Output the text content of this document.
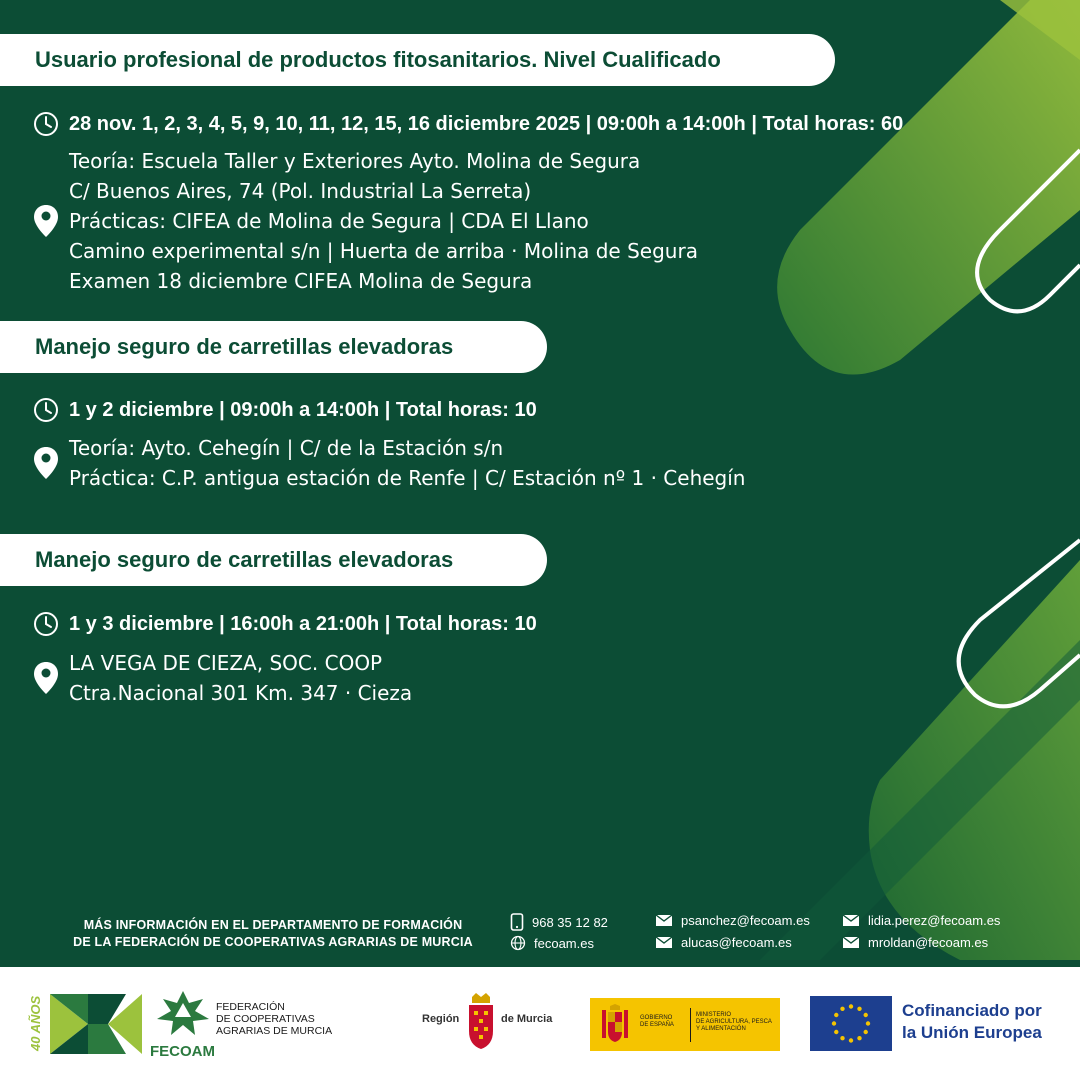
Usuario profesional de productos fitosanitarios. Nivel Cualificado
28 nov. 1, 2, 3, 4, 5, 9, 10, 11, 12, 15, 16 diciembre 2025 | 09:00h a 14:00h | Total horas: 60
Teoría: Escuela Taller y Exteriores Ayto. Molina de Segura
C/ Buenos Aires, 74 (Pol. Industrial La Serreta)
Prácticas: CIFEA de Molina de Segura | CDA El Llano
Camino experimental s/n | Huerta de arriba · Molina de Segura
Examen 18 diciembre CIFEA Molina de Segura
Manejo seguro de carretillas elevadoras
1 y 2 diciembre | 09:00h a 14:00h | Total horas: 10
Teoría: Ayto. Cehegín | C/ de la Estación s/n
Práctica: C.P. antigua estación de Renfe | C/ Estación nº 1 · Cehegín
Manejo seguro de carretillas elevadoras
1 y 3 diciembre | 16:00h a 21:00h | Total horas: 10
LA VEGA DE CIEZA, SOC. COOP
Ctra.Nacional 301 Km. 347 · Cieza
MÁS INFORMACIÓN EN EL DEPARTAMENTO DE FORMACIÓN
DE LA FEDERACIÓN DE COOPERATIVAS AGRARIAS DE MURCIA
968 35 12 82
fecoam.es
psanchez@fecoam.es
alucas@fecoam.es
lidia.perez@fecoam.es
mroldan@fecoam.es
40 AÑOS	FEDERACIÓN
DE COOPERATIVAS
AGRARIAS DE MURCIA
FECOAM
Región	de Murcia	GOBIERNO
DE ESPAÑA
MINISTERIO
DE AGRICULTURA, PESCA
Y ALIMENTACIÓN
Cofinanciado por
la Unión Europea
